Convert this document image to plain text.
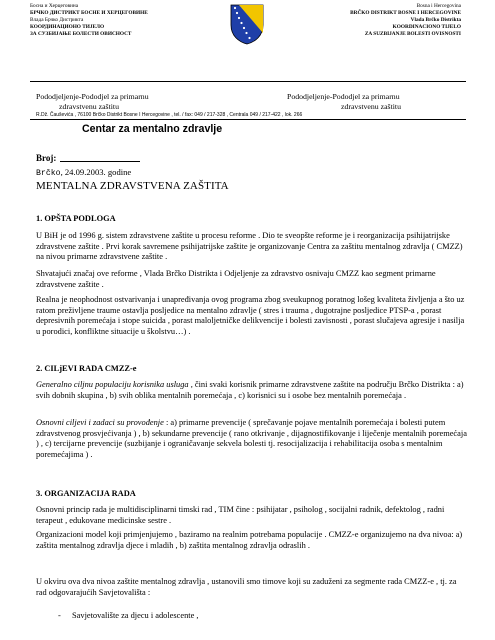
Босна и Херцеговина
БРЧКО ДИСТРИКТ БОСНЕ И ХЕРЦЕГОВИНЕ
Влада Брчко Дистрикта
КООРДИНАЦИОНО ТИЈЕЛО
ЗА СУЗБИЈАЊЕ БОЛЕСТИ ОВИСНОСТ
Bosna i Hercegovina
BRČKO DISTRIKT BOSNE I HERCEGOVINE
Vlada Brčko Distrikta
KOORDINACIONO TIJELO
ZA SUZBIJANJE BOLESTI OVISNOSTI
Pododjeljenje-Pododjel za primarnu
zdravstvenu zaštitu
Pododjeljenje-Pododjel za primarnu
zdravstvenu zaštitu
R.Dž. Čauševića , 76100 Brčko Distrikt Bosne I Hercegovine , tel. / fax: 049 / 217-328 , Centrala 049 / 217-422 , lok. 266
Centar za mentalno zdravlje
Broj:
Brčko, 24.09.2003. godine
MENTALNA ZDRAVSTVENA ZAŠTITA
1. OPŠTA PODLOGA
U BiH je od 1996 g. sistem zdravstvene zaštite u procesu reforme . Dio te sveopšte reforme je i reorganizacija psihijatrijske zdravstvene zaštite . Prvi korak savremene psihijatrijske zaštite je organizovanje Centra za zaštitu mentalnog zdravlja ( CMZZ) na nivou primarne zdravstvene zaštite .
Shvatajući značaj ove reforme , Vlada Brčko Distrikta i Odjeljenje za zdravstvo osnivaju CMZZ kao segment primarne zdravstvene zaštite .
Realna je neophodnost ostvarivanja i unapređivanja ovog programa zbog sveukupnog poratnog lošeg kvaliteta življenja a što uz ratom preživljene traume ostavlja posljedice na mentalno zdravlje ( stres i trauma , dugotrajne posljedice PTSP-a , porast depresivnih poremećaja i stope suicida , porast maloljetničke delikvencije i bolesti zavisnosti , porast slučajeva agresije i nasilja u porodici, konfliktne situacije u školstvu…) .
2. CILjEVI RADA CMZZ-e
Generalno ciljnu populaciju korisnika usluga , čini svaki korisnik primarne zdravstvene zaštite na području Brčko Distrikta : a) svih dobnih skupina , b) svih oblika mentalnih poremećaja , c) korisnici su i osobe bez mentalnih poremećaja .
Osnovni ciljevi i zadaci su provođenje : a) primarne prevencije ( sprečavanje pojave mentalnih poremećaja i bolesti putem zdravstvenog prosvjećivanja ) , b) sekundarne prevencije ( rano otkrivanje , dijagnostifikovanje i liječenje mentalnih poremećaja ) , c) tercijarne prevencije (suzbijanje i ograničavanje sekvela bolesti tj. resocijalizacija i rehabilitacija osoba s mentalnim poremećajima ) .
3. ORGANIZACIJA RADA
Osnovni princip rada je multidisciplinarni timski rad , TIM čine : psihijatar , psiholog , socijalni radnik, defektolog , radni terapeut , edukovane medicinske sestre .
Organizacioni model koji primjenjujemo , baziramo na realnim potrebama populacije . CMZZ-e organizujemo na dva nivoa: a) zaštita mentalnog zdravlja djece i mladih , b) zaštita mentalnog zdravlja odraslih .
U okviru ova dva nivoa zaštite mentalnog zdravlja , ustanovili smo timove koji su zaduženi za segmente rada CMZZ-e , tj. za rad odgovarajućih Savjetovališta :
- Savjetovalište za djecu i adolescente ,
